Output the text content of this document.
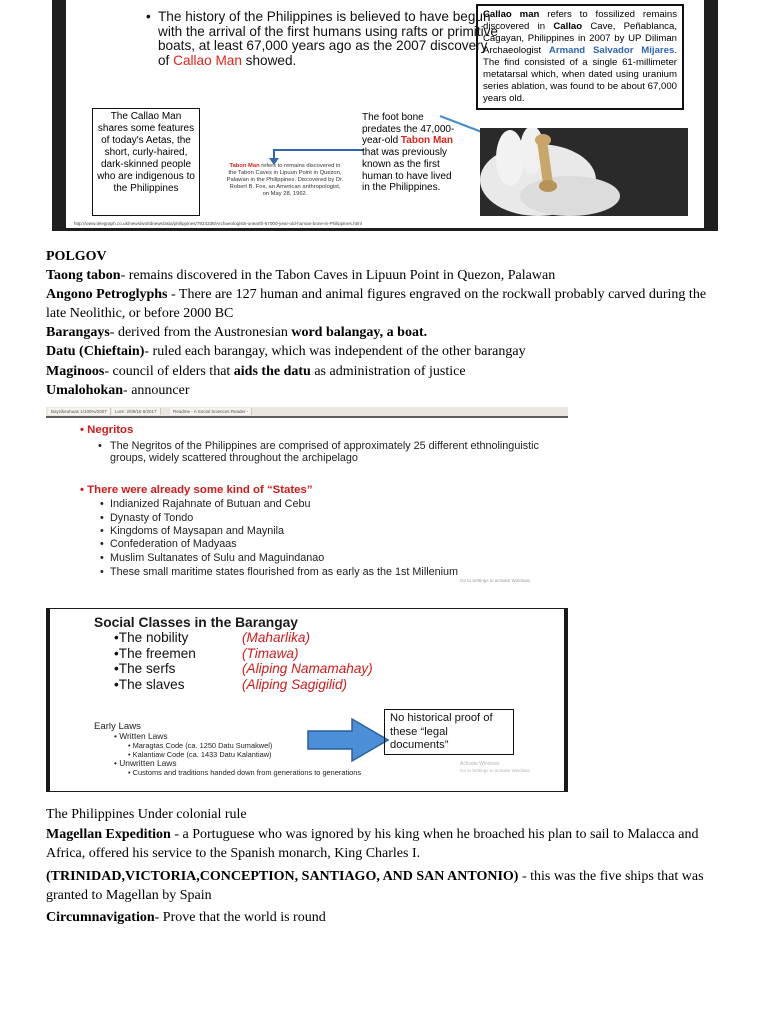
• The history of the Philippines is believed to have begun with the arrival of the first humans using rafts or primitive boats, at least 67,000 years ago as the 2007 discovery of Callao Man showed.
Callao man refers to fossilized remains discovered in Callao Cave, Peñablanca, Cagayan, Philippines in 2007 by UP Diliman Archaeologist Armand Salvador Mijares. The find consisted of a single 61-millimeter metatarsal which, when dated using uranium series ablation, was found to be about 67,000 years old.
The Callao Man shares some features of today's Aetas, the short, curly-haired, dark-skinned people who are indigenous to the Philippines
Tabon Man refers to remains discovered in the Tabon Caves in Lipuun Point in Quezon, Palawan in the Philippines. Discovered by Dr. Robert B. Fox, an American anthropologist, on May 28, 1962.
The foot bone predates the 47,000-year-old Tabon Man that was previously known as the first human to have lived in the Philippines.
http://www.telegraph.co.uk/news/worldnews/asia/philippines/7924338/Archaeologists-unearth-67000-year-old-human-bone-in-Philippines.html
POLGOV
Taong tabon- remains discovered in the Tabon Caves in Lipuun Point in Quezon, Palawan
Angono Petroglyphs - There are 127 human and animal figures engraved on the rockwall probably carved during the late Neolithic, or before 2000 BC
Barangays- derived from the Austronesian word balangay, a boat.
Datu (Chieftain)- ruled each barangay, which was independent of the other barangay
Maginoos- council of elders that aids the datu as administration of justice
Umalohokan- announcer
Bayzikeuhuas 1/100%/2007	Lore: 2/09/18 8/2017	Readme - A Social Sciences Reader -
• Negritos
• The Negritos of the Philippines are comprised of approximately 25 different ethnolinguistic groups, widely scattered throughout the archipelago
• There were already some kind of “States”
• Indianized Rajahnate of Butuan and Cebu
• Dynasty of Tondo
• Kingdoms of Maysapan and Maynila
• Confederation of Madyaas
• Muslim Sultanates of Sulu and Maguindanao
• These small maritime states flourished from as early as the 1st Millenium
Go to Settings to activate Windows.
Social Classes in the Barangay
•The nobility	(Maharlika)
•The freemen	(Timawa)
•The serfs	(Aliping Namamahay)
•The slaves	(Aliping Sagigilid)
Early Laws
• Written Laws
• Maragtas Code (ca. 1250 Datu Sumakwel)
• Kalantiaw Code (ca. 1433 Datu Kalantiaw)
• Unwritten Laws
• Customs and traditions handed down from generations to generations
No historical proof of these “legal documents”
Activate Windows
Go to Settings to activate Windows.
The Philippines Under colonial rule
Magellan Expedition - a Portuguese who was ignored by his king when he broached his plan to sail to Malacca and Africa, offered his service to the Spanish monarch, King Charles I.
(TRINIDAD,VICTORIA,CONCEPTION, SANTIAGO, AND SAN ANTONIO) - this was the five ships that was granted to Magellan by Spain
Circumnavigation- Prove that the world is round
